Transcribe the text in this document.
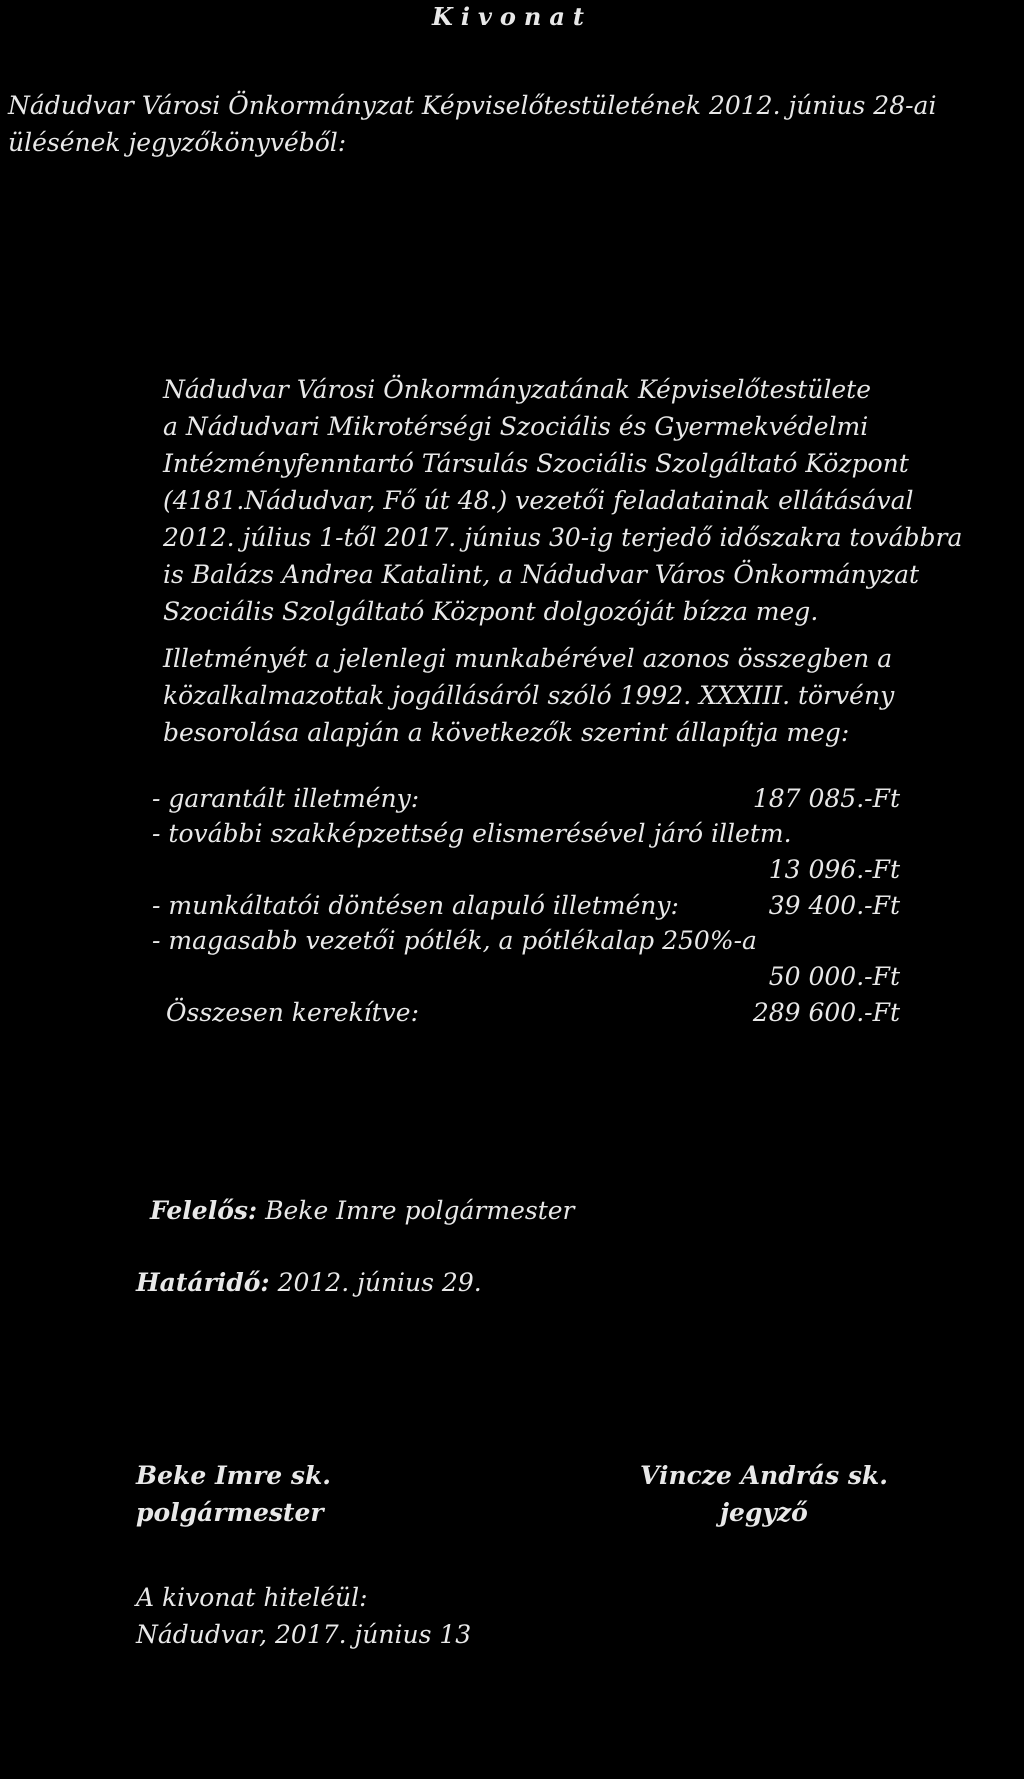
Kivonat
Nádudvar Városi Önkormányzat Képviselőtestületének 2012. június 28-ai
ülésének jegyzőkönyvéből:
Nádudvar Városi Önkormányzatának Képviselőtestülete
a Nádudvari Mikrotérségi Szociális és Gyermekvédelmi
Intézményfenntartó Társulás Szociális Szolgáltató Központ
(4181.Nádudvar, Fő út 48.) vezetői feladatainak ellátásával
2012. július 1-től 2017. június 30-ig terjedő időszakra továbbra
is Balázs Andrea Katalint, a Nádudvar Város Önkormányzat
Szociális Szolgáltató Központ dolgozóját bízza meg.
Illetményét a jelenlegi munkabérével azonos összegben a
közalkalmazottak jogállásáról szóló 1992. XXXIII. törvény
besorolása alapján a következők szerint állapítja meg:
- garantált illetmény:	187 085.-Ft
- további szakképzettség elismerésével járó illetm.
13 096.-Ft
- munkáltatói döntésen alapuló illetmény:	39 400.-Ft
- magasabb vezetői pótlék, a pótlékalap 250%-a
50 000.-Ft
Összesen kerekítve:	289 600.-Ft
Felelős: Beke Imre polgármester
Határidő: 2012. június 29.
Beke Imre sk.
polgármester
Vincze András sk.
jegyző
A kivonat hiteléül:
Nádudvar, 2017. június 13
